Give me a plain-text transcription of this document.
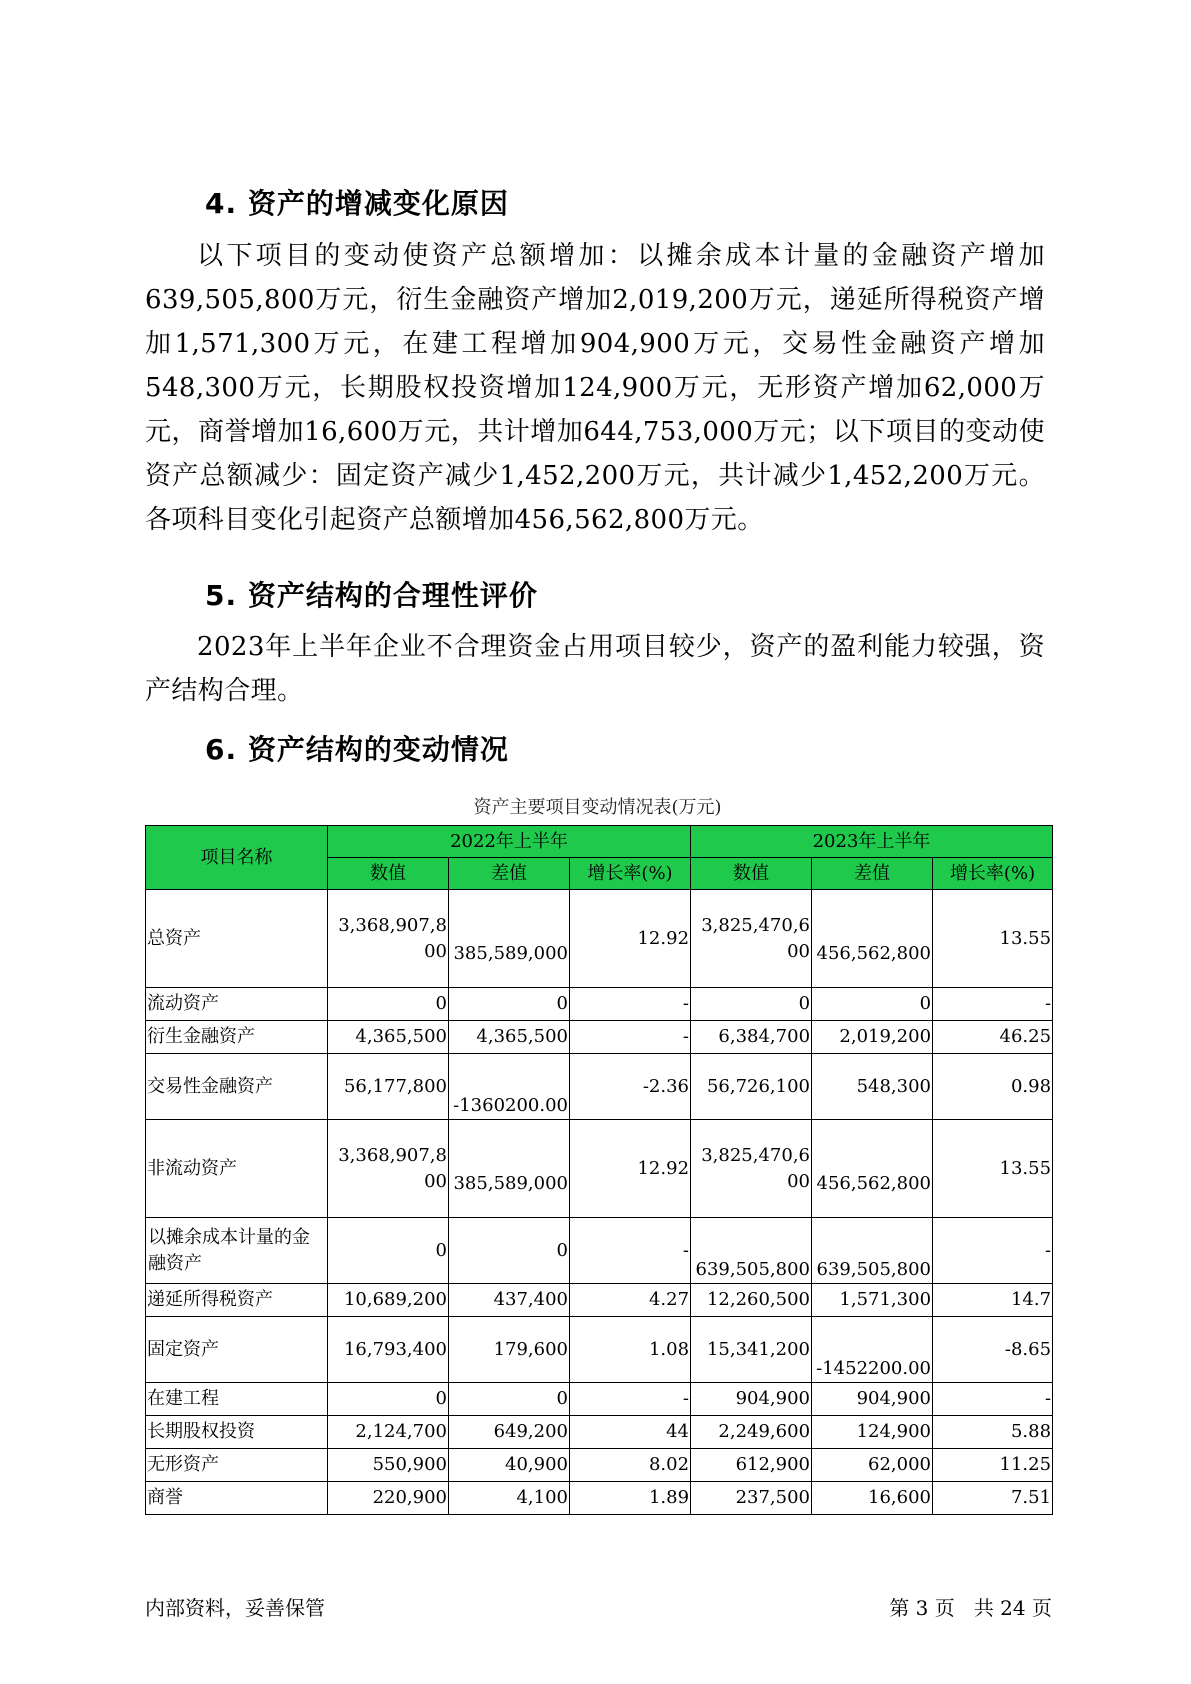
4. 资产的增减变化原因
以下项目的变动使资产总额增加：以摊余成本计量的金融资产增加639,505,800万元，衍生金融资产增加2,019,200万元，递延所得税资产增加1,571,300万元，在建工程增加904,900万元，交易性金融资产增加548,300万元，长期股权投资增加124,900万元，无形资产增加62,000万元，商誉增加16,600万元，共计增加644,753,000万元；以下项目的变动使资产总额减少：固定资产减少1,452,200万元，共计减少1,452,200万元。各项科目变化引起资产总额增加456,562,800万元。
5. 资产结构的合理性评价
2023年上半年企业不合理资金占用项目较少，资产的盈利能力较强，资产结构合理。
6. 资产结构的变动情况
资产主要项目变动情况表(万元)
项目名称	2022年上半年			2023年上半年		
	数值	差值	增长率(%)	数值	差值	增长率(%)
总资产	3,368,907,800	385,589,000	12.92	3,825,470,600	456,562,800	13.55
流动资产	0	0	-	0	0	-
衍生金融资产	4,365,500	4,365,500	-	6,384,700	2,019,200	46.25
交易性金融资产	56,177,800	-1360200.00	-2.36	56,726,100	548,300	0.98
非流动资产	3,368,907,800	385,589,000	12.92	3,825,470,600	456,562,800	13.55
以摊余成本计量的金融资产	0	0	-	639,505,800	639,505,800	-
递延所得税资产	10,689,200	437,400	4.27	12,260,500	1,571,300	14.7
固定资产	16,793,400	179,600	1.08	15,341,200	-1452200.00	-8.65
在建工程	0	0	-	904,900	904,900	-
长期股权投资	2,124,700	649,200	44	2,249,600	124,900	5.88
无形资产	550,900	40,900	8.02	612,900	62,000	11.25
商誉	220,900	4,100	1.89	237,500	16,600	7.51
内部资料，妥善保管	第 3 页   共 24 页
